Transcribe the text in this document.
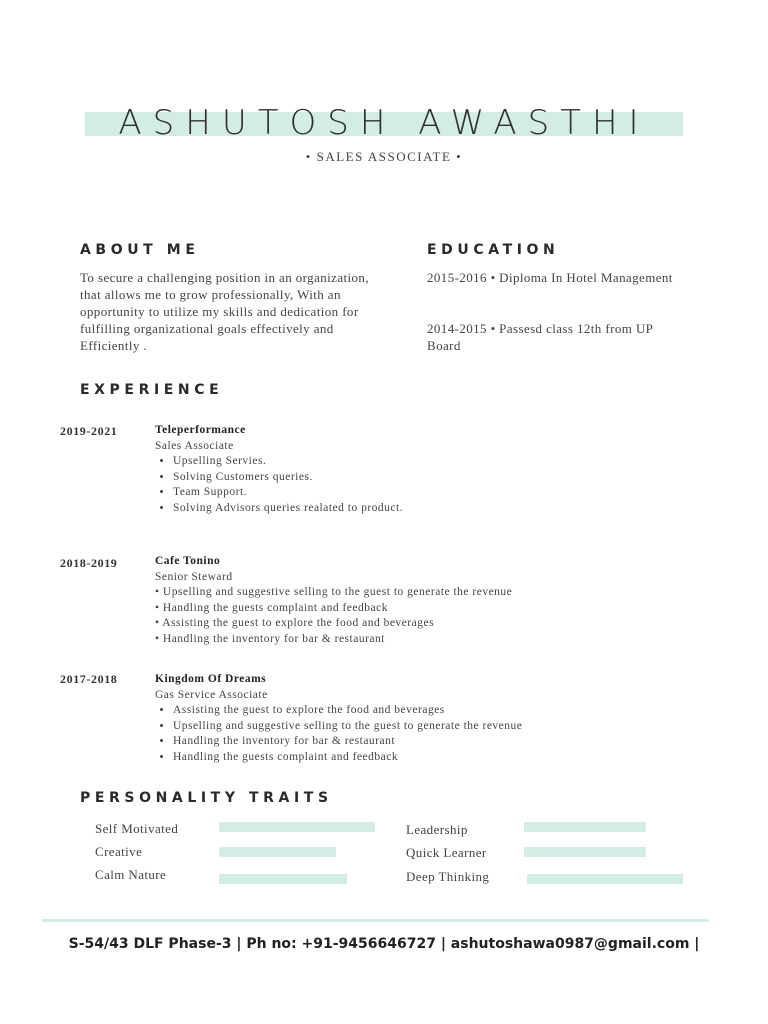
ASHUTOSH AWASTHI
• SALES ASSOCIATE •
ABOUT ME
To secure a challenging position in an organization, that allows me to grow professionally, With an opportunity to utilize my skills and dedication for fulfilling organizational goals effectively and Efficiently .
EDUCATION
2015-2016 • Diploma In Hotel Management
2014-2015 • Passesd class 12th from UP Board
EXPERIENCE
2019-2021	Teleperformance
Sales Associate
• Upselling Servies.
• Solving Customers queries.
• Team Support.
• Solving Advisors queries realated to product.
2018-2019	Cafe Tonino
Senior Steward
• Upselling and suggestive selling to the guest to generate the revenue
• Handling the guests complaint and feedback
• Assisting the guest to explore the food and beverages
• Handling the inventory for bar & restaurant
2017-2018	Kingdom Of Dreams
Gas Service Associate
• Assisting the guest to explore the food and beverages
• Upselling and suggestive selling to the guest to generate the revenue
• Handling the inventory for bar & restaurant
• Handling the guests complaint and feedback
PERSONALITY TRAITS
Self Motivated
Creative
Calm Nature
Leadership
Quick Learner
Deep Thinking
S-54/43 DLF Phase-3 | Ph no: +91-9456646727 | ashutoshawa0987@gmail.com |
